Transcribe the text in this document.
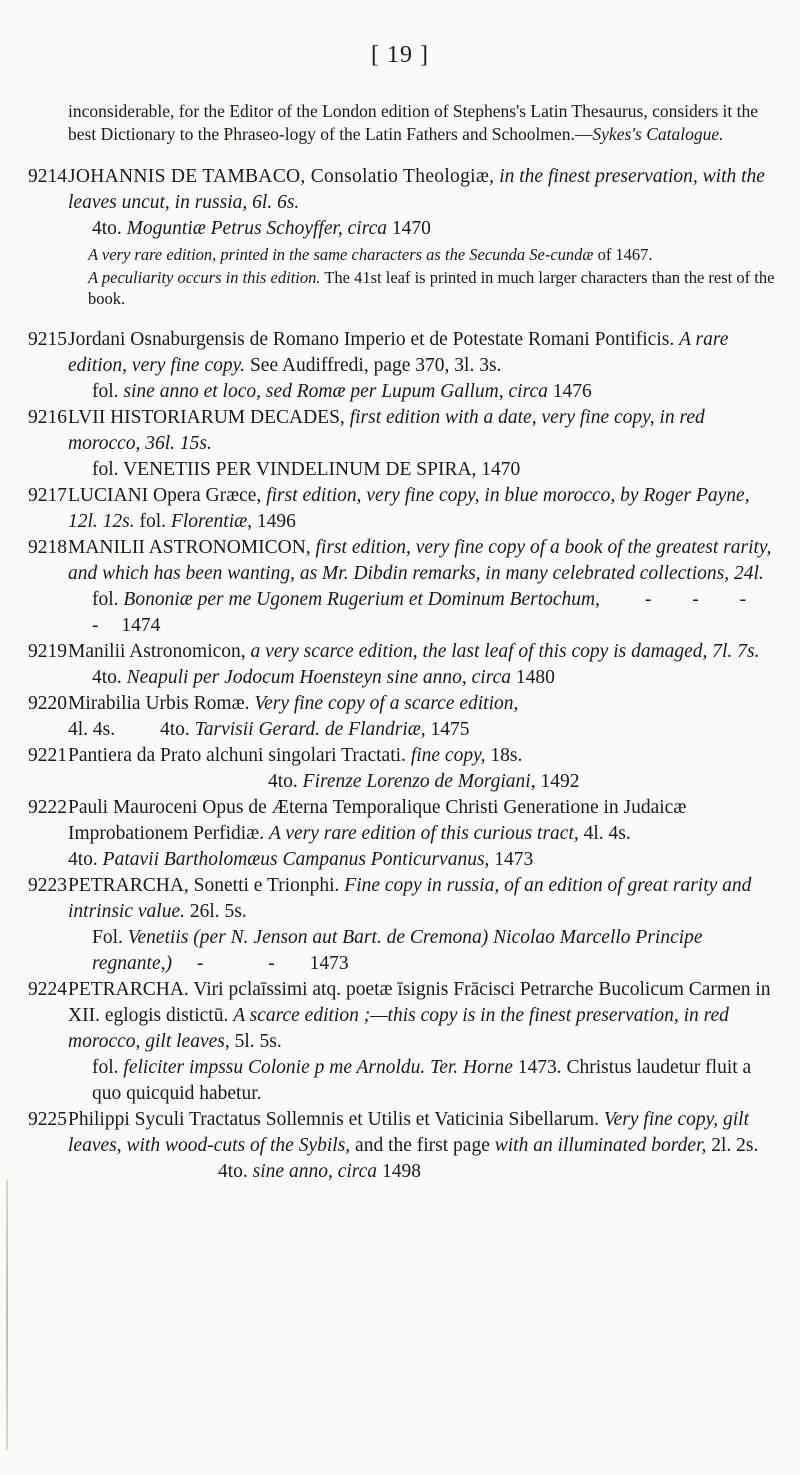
[ 19 ]
inconsiderable, for the Editor of the London edition of Stephens's Latin Thesaurus, considers it the best Dictionary to the Phraseo-logy of the Latin Fathers and Schoolmen.—Sykes's Catalogue.
9214 JOHANNIS DE TAMBACO, Consolatio Theologiæ, in the finest preservation, with the leaves uncut, in russia, 6l. 6s.
4to. Moguntiæ Petrus Schoyffer, circa 1470
A very rare edition, printed in the same characters as the Secunda Se-cundæ of 1467.
A peculiarity occurs in this edition. The 41st leaf is printed in much larger characters than the rest of the book.
9215 Jordani Osnaburgensis de Romano Imperio et de Potestate Romani Pontificis. A rare edition, very fine copy. See Audiffredi, page 370, 3l. 3s.
fol. sine anno et loco, sed Romæ per Lupum Gallum, circa 1476
9216 LVII HISTORIARUM DECADES, first edition with a date, very fine copy, in red morocco, 36l. 15s.
fol. VENETIIS PER VINDELINUM DE SPIRA, 1470
9217 LUCIANI Opera Græce, first edition, very fine copy, in blue morocco, by Roger Payne, 12l. 12s. fol. Florentiæ, 1496
9218 MANILII ASTRONOMICON, first edition, very fine copy of a book of the greatest rarity, and which has been wanting, as Mr. Dibdin remarks, in many celebrated collections, 24l.
fol. Bononiæ per me Ugonem Rugerium et Dominum Bertochum, - - - - 1474
9219 Manilii Astronomicon, a very scarce edition, the last leaf of this copy is damaged, 7l. 7s.
4to. Neapuli per Jodocum Hoensteyn sine anno, circa 1480
9220 Mirabilia Urbis Romæ. Very fine copy of a scarce edition,
4l. 4s. 4to. Tarvisii Gerard. de Flandriæ, 1475
9221 Pantiera da Prato alchuni singolari Tractati. fine copy, 18s.
4to. Firenze Lorenzo de Morgiani, 1492
9222 Pauli Mauroceni Opus de Æterna Temporalique Christi Generatione in Judaicæ Improbationem Perfidiæ. A very rare edition of this curious tract, 4l. 4s.
4to. Patavii Bartholomæus Campanus Ponticurvanus, 1473
9223 PETRARCHA, Sonetti e Trionphi. Fine copy in russia, of an edition of great rarity and intrinsic value. 26l. 5s.
Fol. Venetiis (per N. Jenson aut Bart. de Cremona) Nicolao Marcello Principe regnante,) - - 1473
9224 PETRARCHA. Viri pclaīssimi atq. poetæ īsignis Frācisci Petrarche Bucolicum Carmen in XII. eglogis distictū. A scarce edition ;—this copy is in the finest preservation, in red morocco, gilt leaves, 5l. 5s.
fol. feliciter impssu Colonie p me Arnoldu. Ter. Horne 1473. Christus laudetur fluit a quo quicquid habetur.
9225 Philippi Syculi Tractatus Sollemnis et Utilis et Vaticinia Sibellarum. Very fine copy, gilt leaves, with wood-cuts of the Sybils, and the first page with an illuminated border, 2l. 2s. 4to. sine anno, circa 1498
